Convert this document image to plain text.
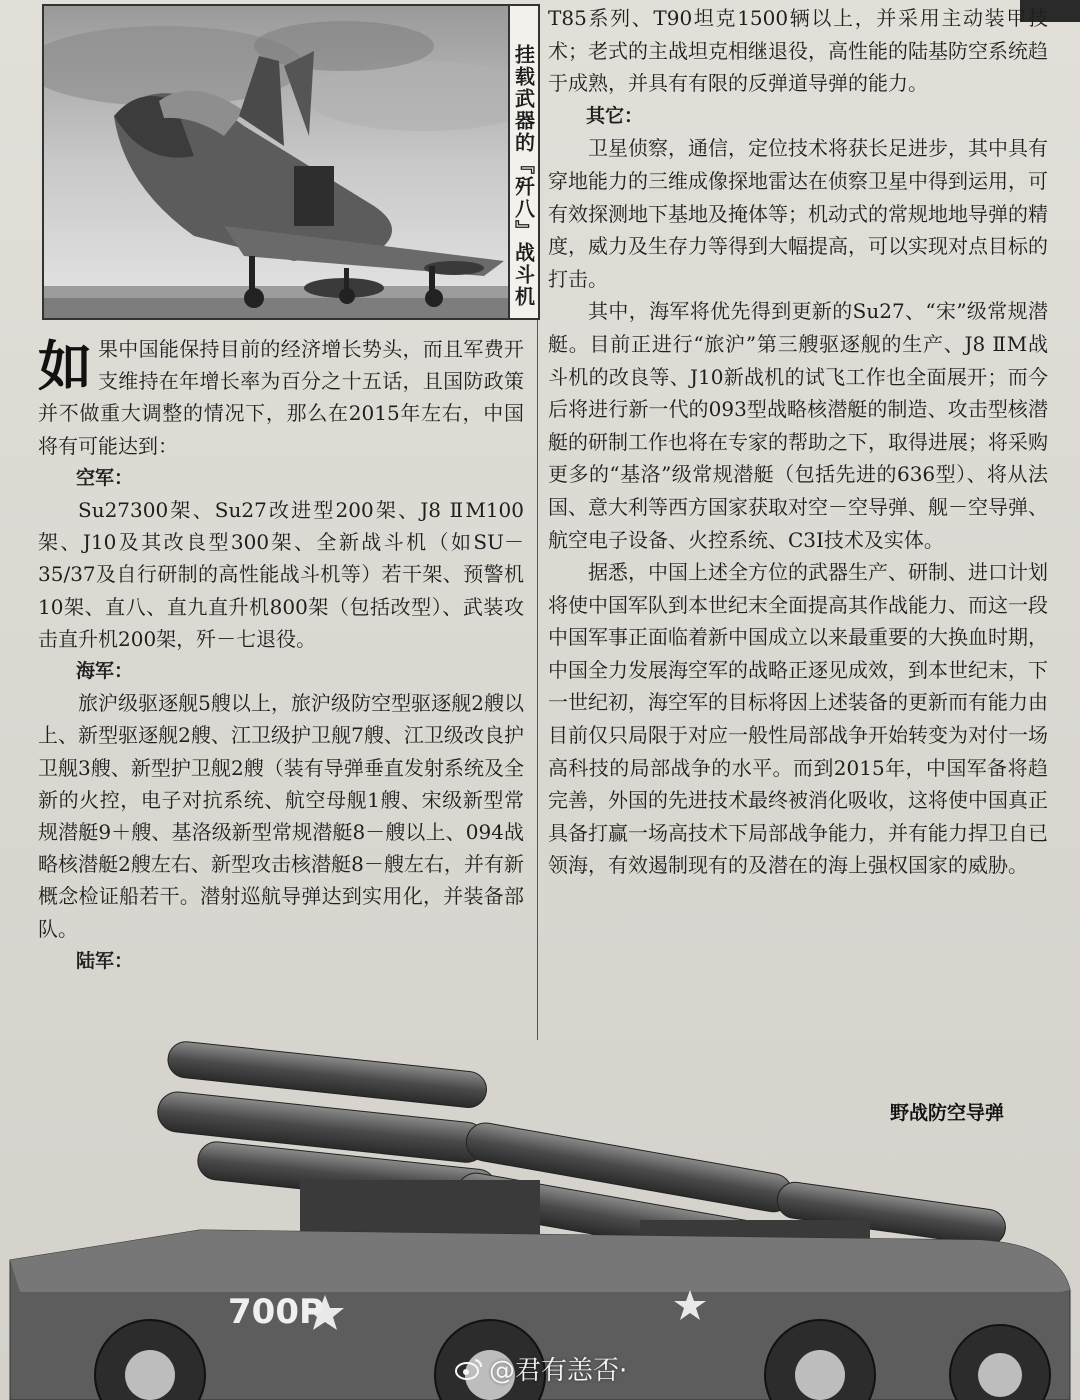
挂载武器的『歼八』战斗机

如果中国能保持目前的经济增长势头，而且军费开支维持在年增长率为百分之十五话，且国防政策并不做重大调整的情况下，那么在2015年左右，中国将有可能达到：

空军：

Su27300架、Su27改进型200架、J8 ⅡM100架、J10及其改良型300架、全新战斗机（如SU－35/37及自行研制的高性能战斗机等）若干架、预警机10架、直八、直九直升机800架（包括改型）、武装攻击直升机200架，歼－七退役。

海军：

旅沪级驱逐舰5艘以上，旅沪级防空型驱逐舰2艘以上、新型驱逐舰2艘、江卫级护卫舰7艘、江卫级改良护卫舰3艘、新型护卫舰2艘（装有导弹垂直发射系统及全新的火控，电子对抗系统、航空母舰1艘、宋级新型常规潜艇9＋艘、基洛级新型常规潜艇8－艘以上、094战略核潜艇2艘左右、新型攻击核潜艇8－艘左右，并有新概念检证船若干。潜射巡航导弹达到实用化，并装备部队。

陆军：

T85系列、T90坦克1500辆以上，并采用主动装甲技术；老式的主战坦克相继退役，高性能的陆基防空系统趋于成熟，并具有有限的反弹道导弹的能力。

其它：

卫星侦察，通信，定位技术将获长足进步，其中具有穿地能力的三维成像探地雷达在侦察卫星中得到运用，可有效探测地下基地及掩体等；机动式的常规地地导弹的精度，威力及生存力等得到大幅提高，可以实现对点目标的打击。

其中，海军将优先得到更新的Su27、“宋”级常规潜艇。目前正进行“旅沪”第三艘驱逐舰的生产、J8 ⅡM战斗机的改良等、J10新战机的试飞工作也全面展开；而今后将进行新一代的093型战略核潜艇的制造、攻击型核潜艇的研制工作也将在专家的帮助之下，取得进展；将采购更多的“基洛”级常规潜艇（包括先进的636型）、将从法国、意大利等西方国家获取对空－空导弹、舰－空导弹、航空电子设备、火控系统、C3I技术及实体。

据悉，中国上述全方位的武器生产、研制、进口计划将使中国军队到本世纪末全面提高其作战能力、而这一段中国军事正面临着新中国成立以来最重要的大换血时期，中国全力发展海空军的战略正逐见成效，到本世纪末，下一世纪初，海空军的目标将因上述装备的更新而有能力由目前仅只局限于对应一般性局部战争开始转变为对付一场高科技的局部战争的水平。而到2015年，中国军备将趋完善，外国的先进技术最终被消化吸收，这将使中国真正具备打赢一场高技术下局部战争能力，并有能力捍卫自已领海，有效遏制现有的及潜在的海上强权国家的威胁。

700P
野战防空导弹
@君有恙否·
